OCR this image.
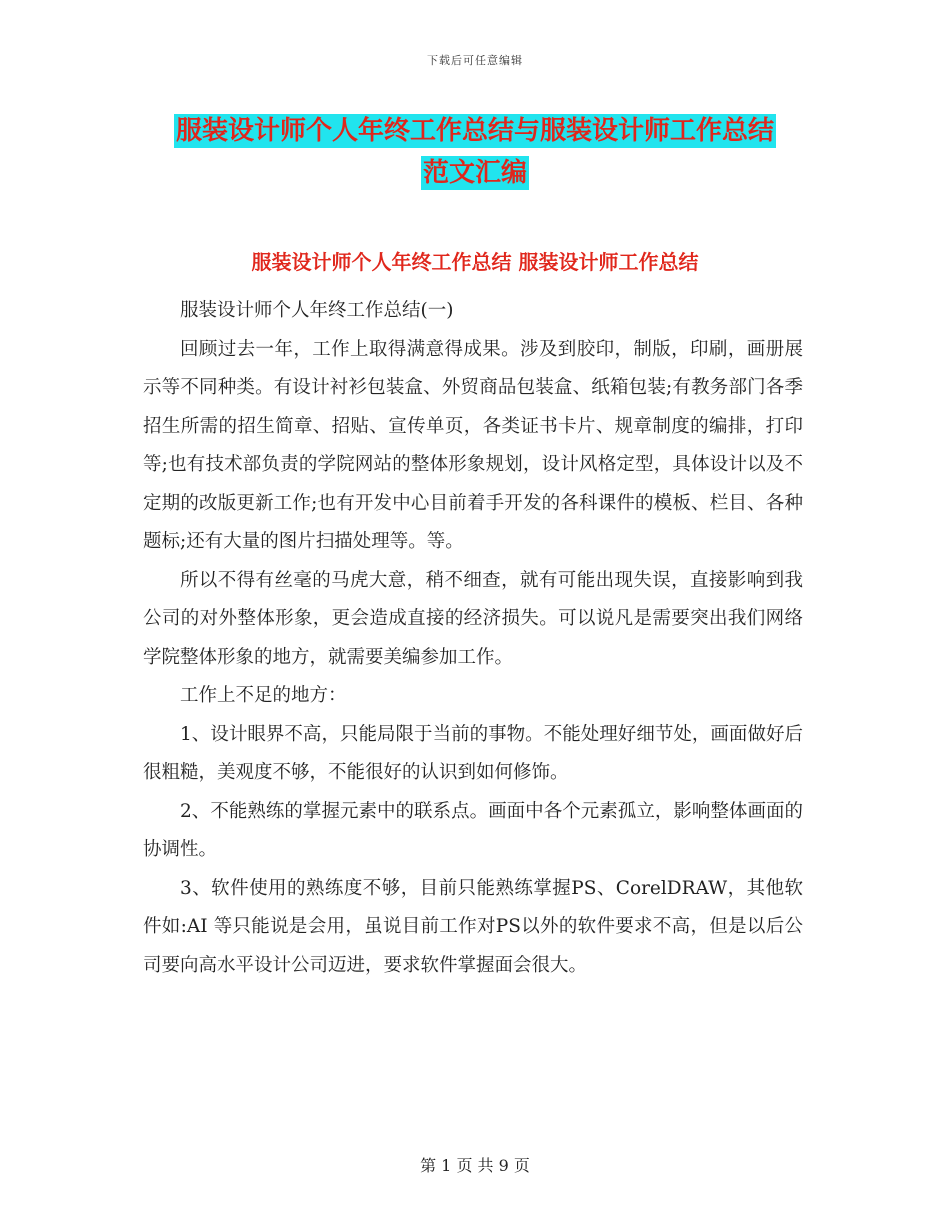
下载后可任意编辑
服装设计师个人年终工作总结与服装设计师工作总结
范文汇编
服装设计师个人年终工作总结 服装设计师工作总结

服装设计师个人年终工作总结(一)

回顾过去一年，工作上取得满意得成果。涉及到胶印，制版，印刷，画册展示等不同种类。有设计衬衫包装盒、外贸商品包装盒、纸箱包装;有教务部门各季招生所需的招生简章、招贴、宣传单页，各类证书卡片、规章制度的编排，打印等;也有技术部负责的学院网站的整体形象规划，设计风格定型，具体设计以及不定期的改版更新工作;也有开发中心目前着手开发的各科课件的模板、栏目、各种题标;还有大量的图片扫描处理等。等。

所以不得有丝毫的马虎大意，稍不细查，就有可能出现失误，直接影响到我公司的对外整体形象，更会造成直接的经济损失。可以说凡是需要突出我们网络学院整体形象的地方，就需要美编参加工作。

工作上不足的地方：

1、设计眼界不高，只能局限于当前的事物。不能处理好细节处，画面做好后很粗糙，美观度不够，不能很好的认识到如何修饰。

2、不能熟练的掌握元素中的联系点。画面中各个元素孤立，影响整体画面的协调性。

3、软件使用的熟练度不够，目前只能熟练掌握PS、CorelDRAW，其他软件如:AI 等只能说是会用，虽说目前工作对PS以外的软件要求不高，但是以后公司要向高水平设计公司迈进，要求软件掌握面会很大。

第 1 页 共 9 页
